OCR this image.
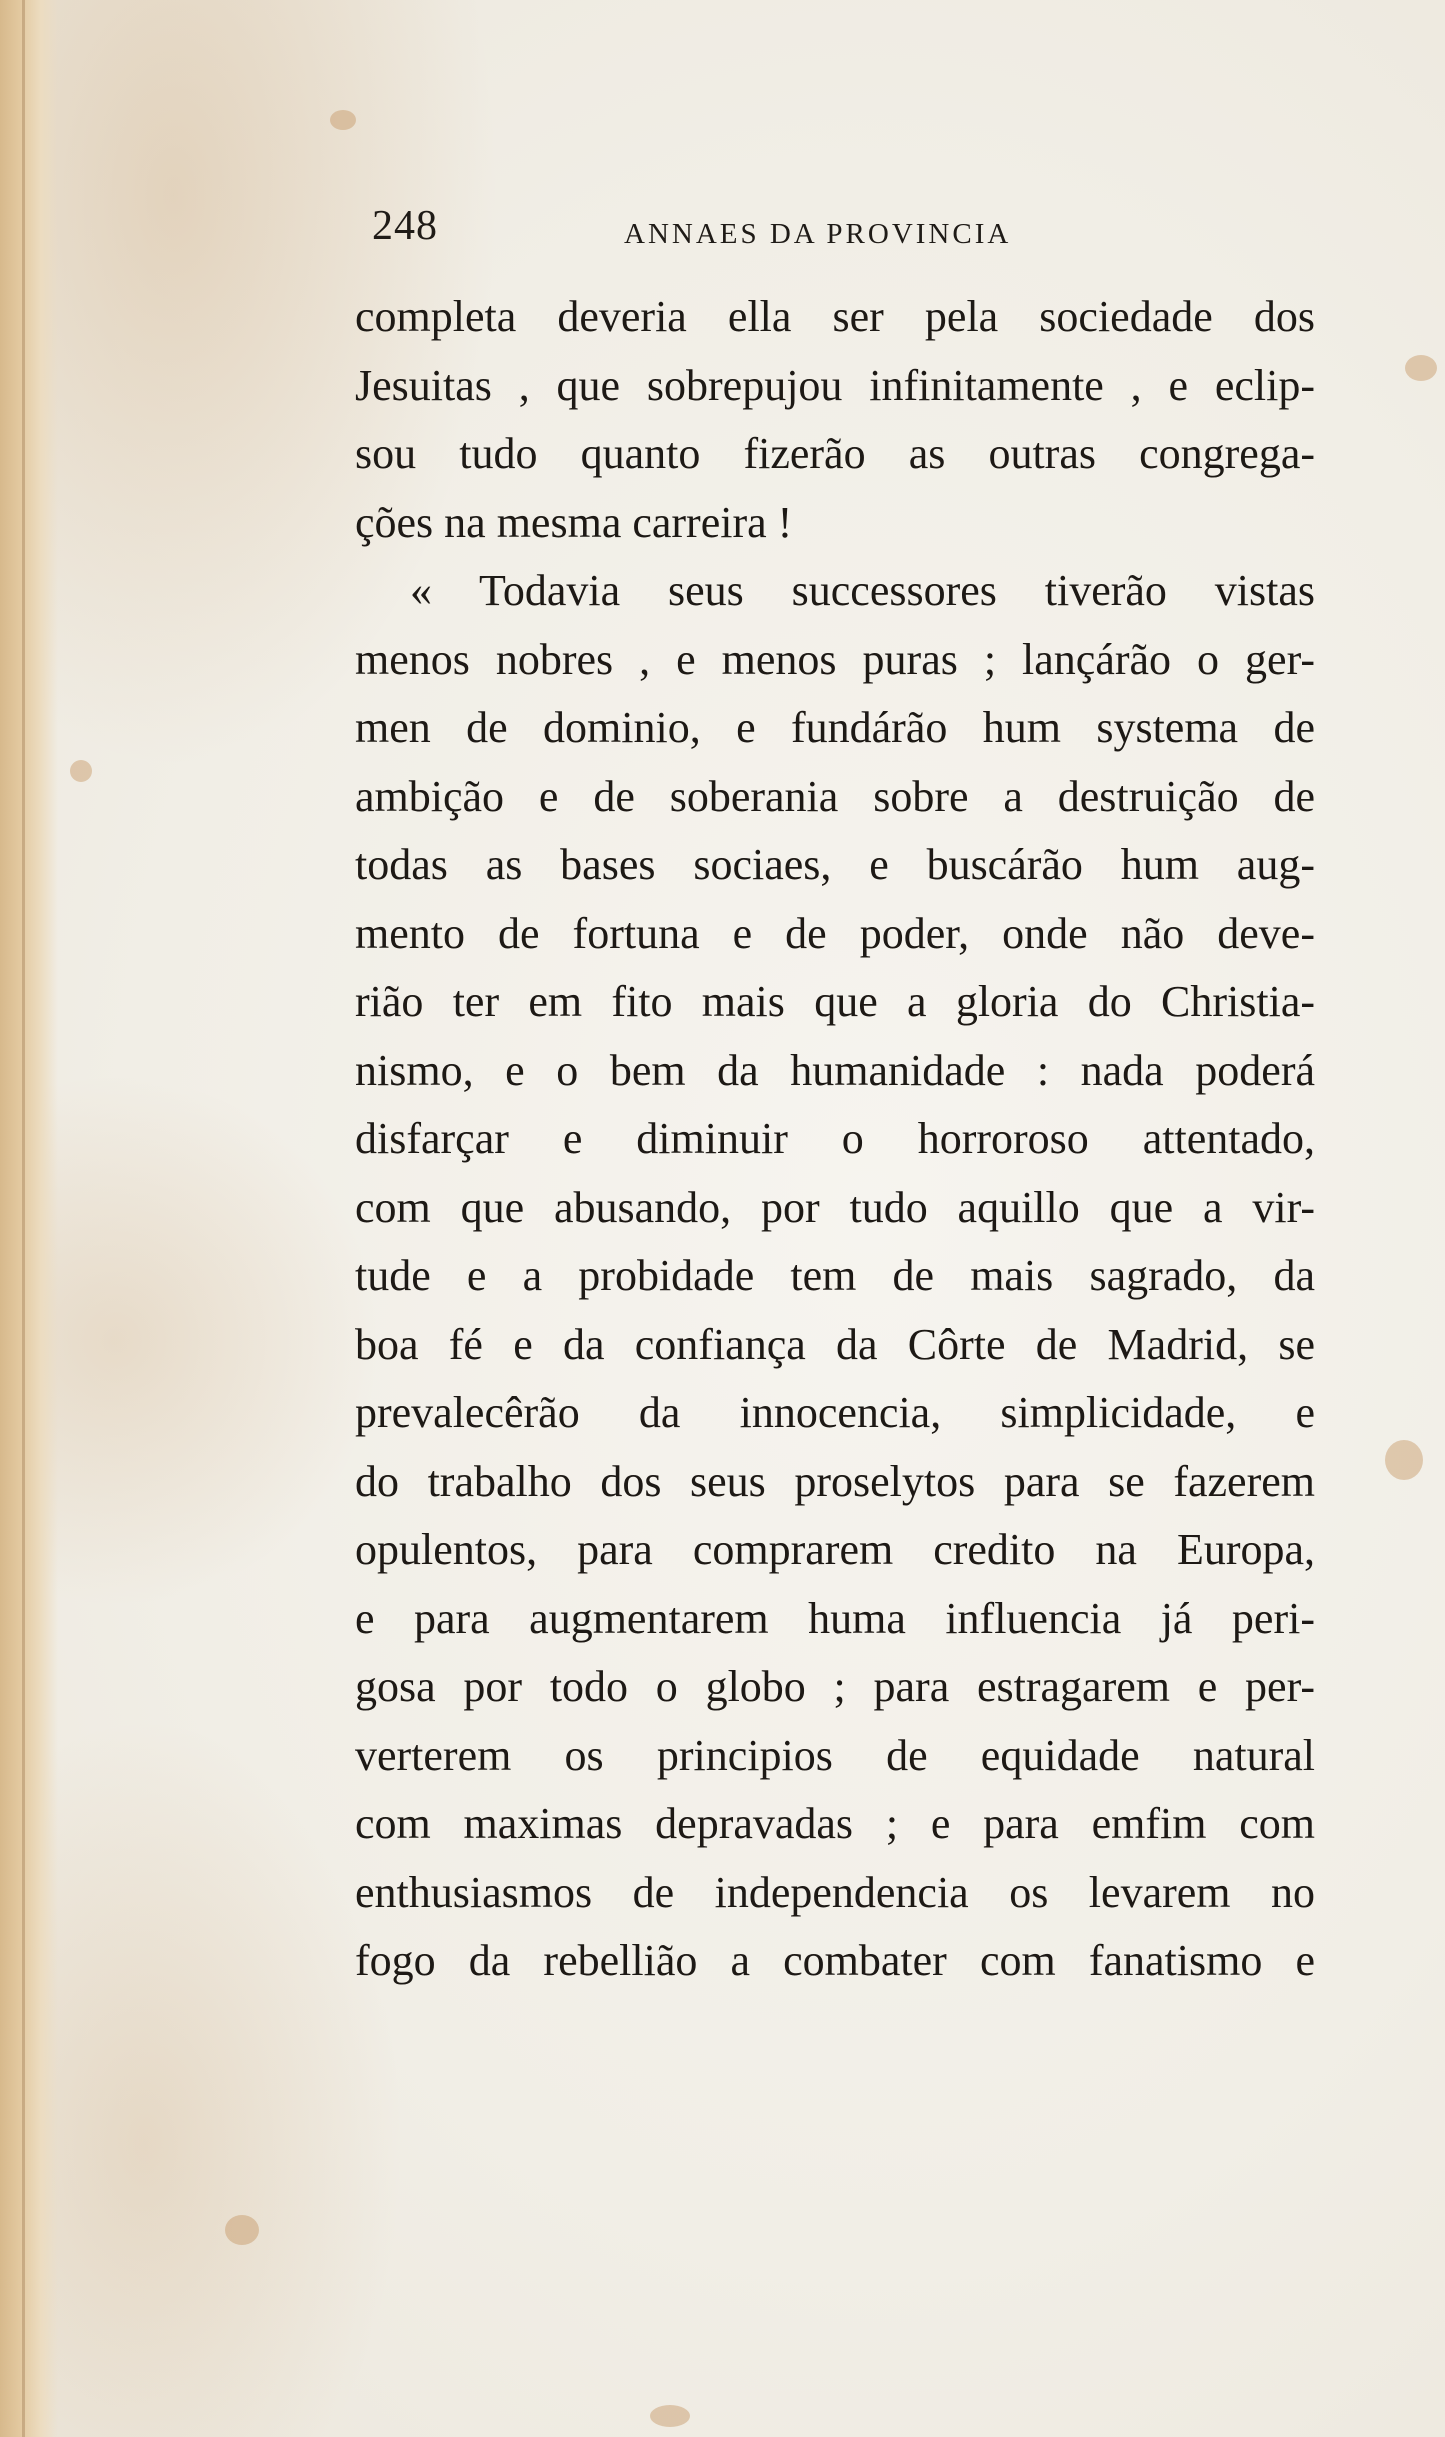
248	ANNAES DA PROVINCIA
completa deveria ella ser pela sociedade dos
Jesuitas , que sobrepujou infinitamente , e eclip-
sou tudo quanto fizerão as outras congrega-
ções na mesma carreira !
« Todavia seus successores tiverão vistas
menos nobres , e menos puras ; lançárão o ger-
men de dominio, e fundárão hum systema de
ambição e de soberania sobre a destruição de
todas as bases sociaes, e buscárão hum aug-
mento de fortuna e de poder, onde não deve-
rião ter em fito mais que a gloria do Christia-
nismo, e o bem da humanidade : nada poderá
disfarçar e diminuir o horroroso attentado,
com que abusando, por tudo aquillo que a vir-
tude e a probidade tem de mais sagrado, da
boa fé e da confiança da Côrte de Madrid, se
prevalecêrão da innocencia, simplicidade, e
do trabalho dos seus proselytos para se fazerem
opulentos, para comprarem credito na Europa,
e para augmentarem huma influencia já peri-
gosa por todo o globo ; para estragarem e per-
verterem os principios de equidade natural
com maximas depravadas ; e para emfim com
enthusiasmos de independencia os levarem no
fogo da rebellião a combater com fanatismo e
